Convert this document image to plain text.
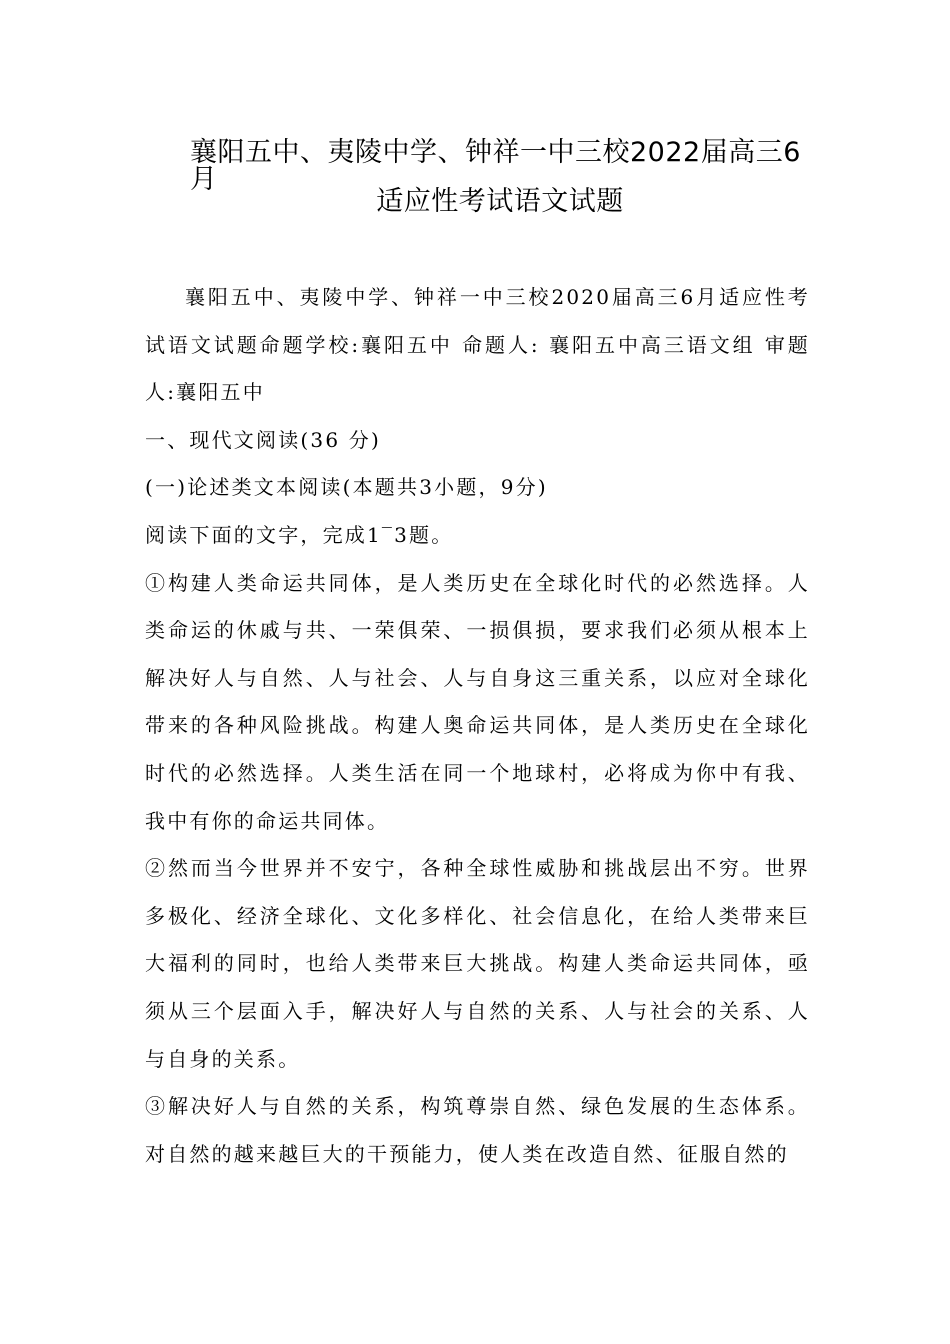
襄阳五中、夷陵中学、钟祥一中三校2022届高三6月
适应性考试语文试题

襄阳五中、夷陵中学、钟祥一中三校2020届高三6月适应性考试语文试题命题学校:襄阳五中 命题人: 襄阳五中高三语文组 审题人:襄阳五中

一、现代文阅读(36 分)

(一)论述类文本阅读(本题共3小题，9分)

阅读下面的文字，完成1‾3题。

①构建人类命运共同体，是人类历史在全球化时代的必然选择。人类命运的休戚与共、一荣俱荣、一损俱损，要求我们必须从根本上解决好人与自然、人与社会、人与自身这三重关系，以应对全球化带来的各种风险挑战。构建人奥命运共同体，是人类历史在全球化时代的必然选择。人类生活在同一个地球村，必将成为你中有我、我中有你的命运共同体。

②然而当今世界并不安宁，各种全球性威胁和挑战层出不穷。世界多极化、经济全球化、文化多样化、社会信息化，在给人类带来巨大福利的同时，也给人类带来巨大挑战。构建人类命运共同体，亟须从三个层面入手，解决好人与自然的关系、人与社会的关系、人与自身的关系。

③解决好人与自然的关系，构筑尊崇自然、绿色发展的生态体系。对自然的越来越巨大的干预能力，使人类在改造自然、征服自然的
